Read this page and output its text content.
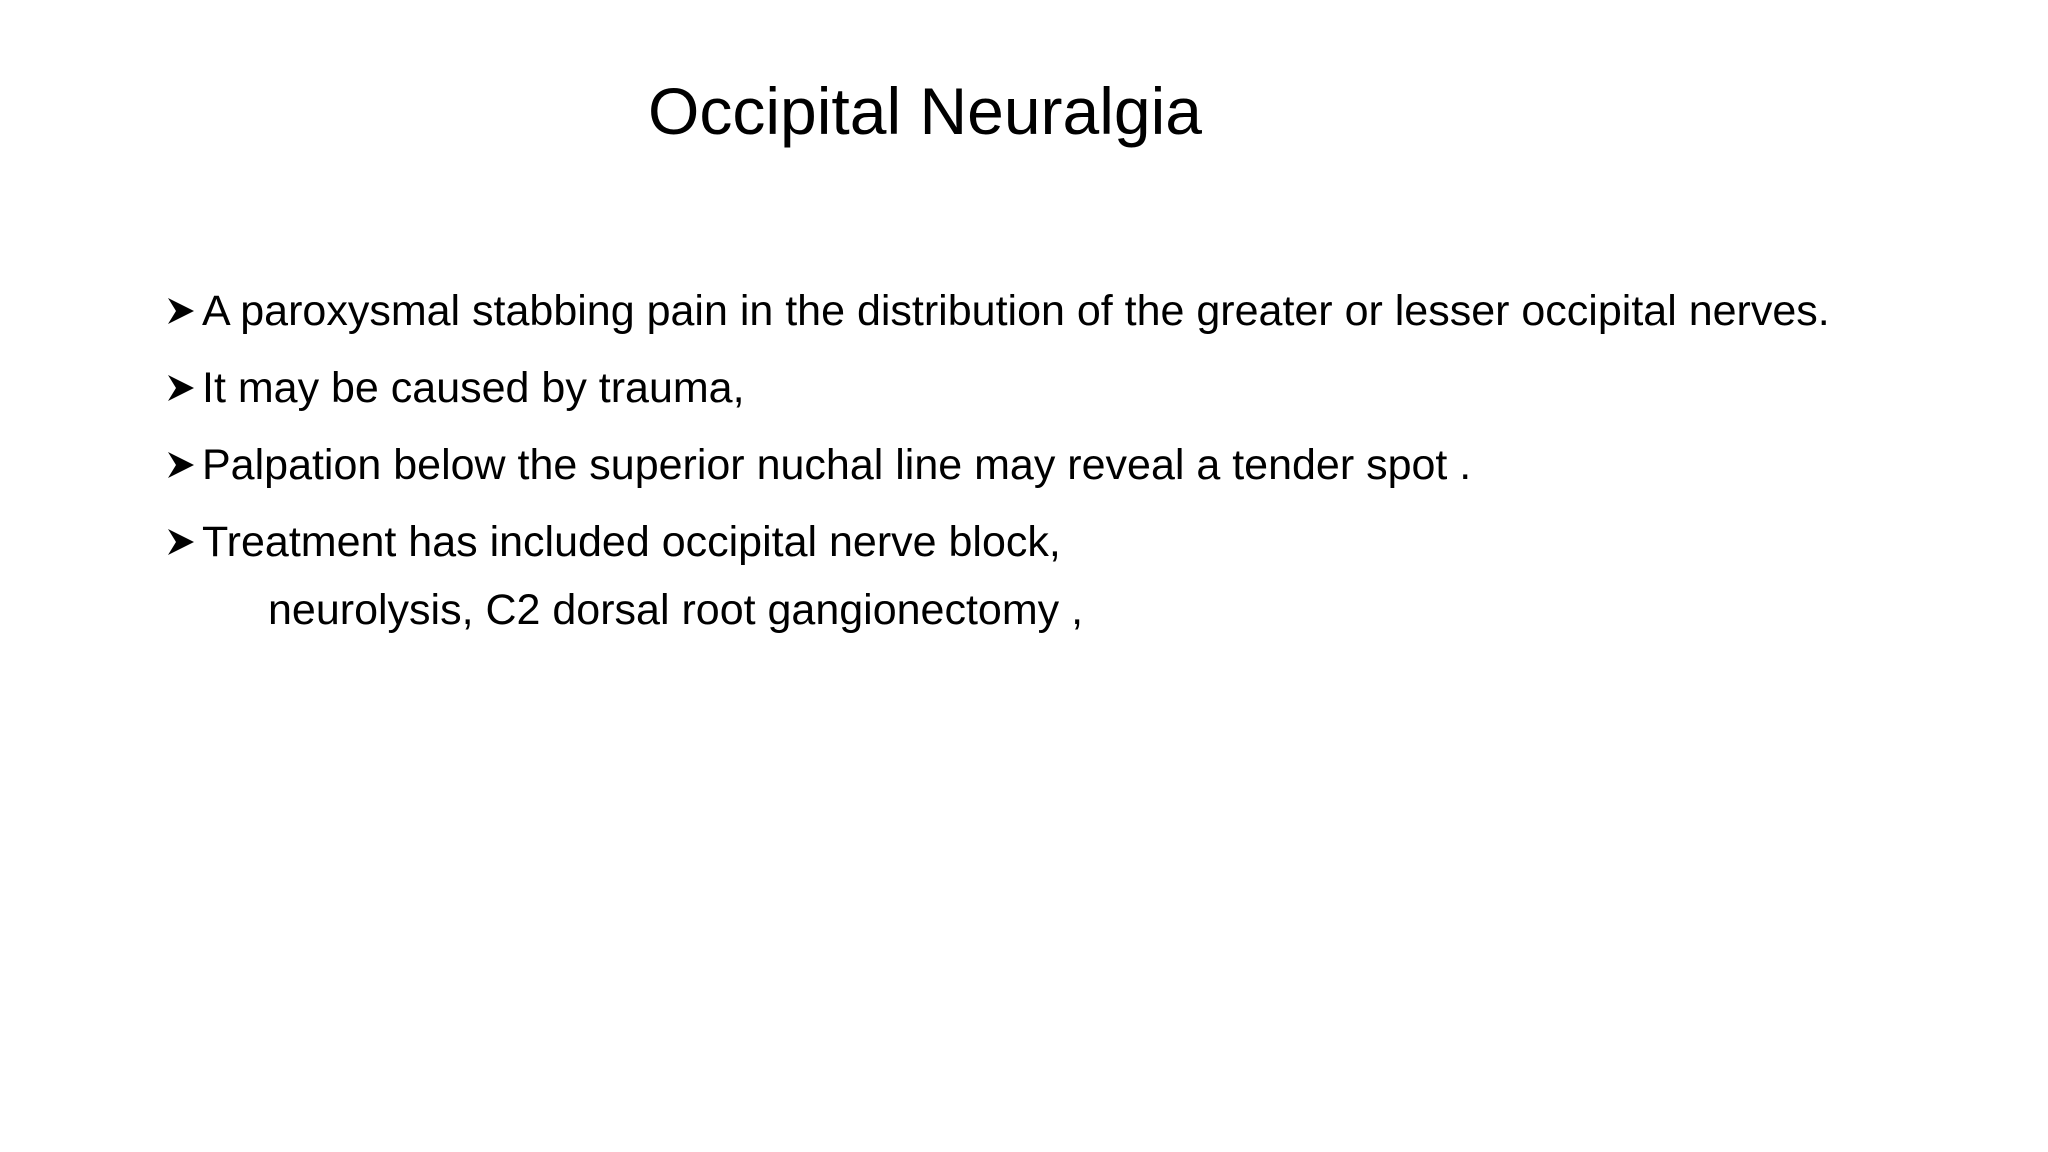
Occipital Neuralgia
A paroxysmal stabbing pain in the distribution of the greater or lesser occipital nerves.
It may be caused by trauma,
Palpation below the superior nuchal line may reveal a tender spot .
Treatment has included occipital nerve block,
neurolysis, C2 dorsal root gangionectomy ,
